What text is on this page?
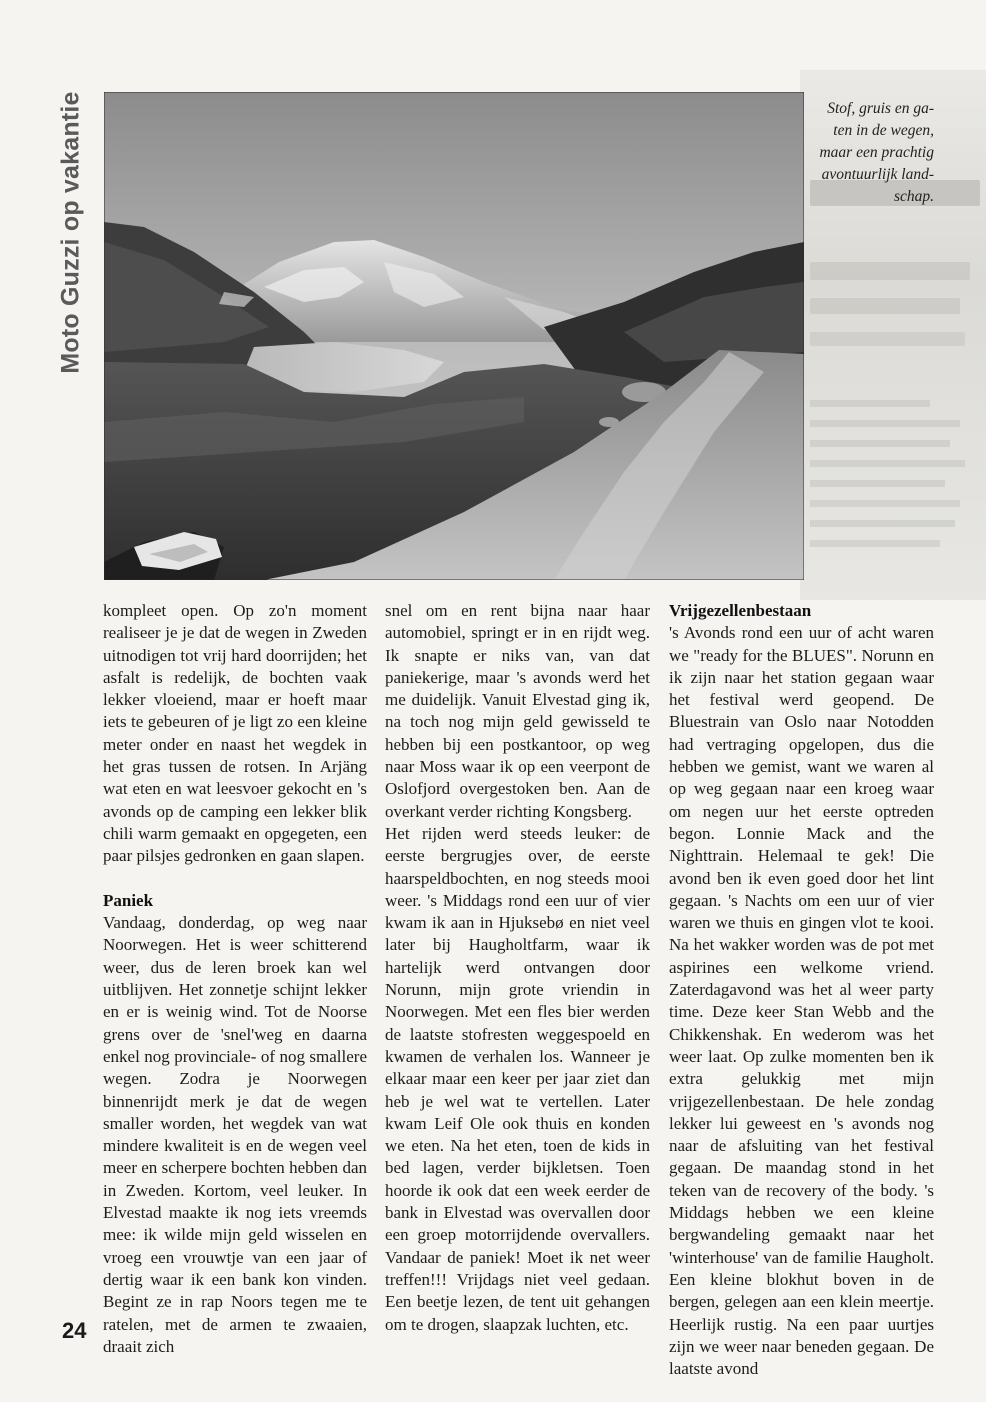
Moto Guzzi op vakantie	Stof, gruis en ga-
ten in de wegen,
maar een prachtig
avontuurlijk land-
schap.

kompleet open. Op zo'n moment realiseer je je dat de wegen in Zweden uitnodigen tot vrij hard doorrijden; het asfalt is redelijk, de bochten vaak lekker vloeiend, maar er hoeft maar iets te gebeuren of je ligt zo een kleine meter onder en naast het wegdek in het gras tussen de rotsen. In Arjäng wat eten en wat leesvoer gekocht en 's avonds op de camping een lekker blik chili warm gemaakt en opgegeten, een paar pilsjes gedronken en gaan slapen.

Paniek

Vandaag, donderdag, op weg naar Noorwegen. Het is weer schitterend weer, dus de leren broek kan wel uitblijven. Het zonnetje schijnt lekker en er is weinig wind. Tot de Noorse grens over de 'snel'weg en daarna enkel nog provinciale- of nog smallere wegen. Zodra je Noorwegen binnenrijdt merk je dat de wegen smaller worden, het wegdek van wat mindere kwaliteit is en de wegen veel meer en scherpere bochten hebben dan in Zweden. Kortom, veel leuker. In Elvestad maakte ik nog iets vreemds mee: ik wilde mijn geld wisselen en vroeg een vrouwtje van een jaar of dertig waar ik een bank kon vinden. Begint ze in rap Noors tegen me te ratelen, met de armen te zwaaien, draait zich

snel om en rent bijna naar haar automobiel, springt er in en rijdt weg. Ik snapte er niks van, van dat paniekerige, maar 's avonds werd het me duidelijk. Vanuit Elvestad ging ik, na toch nog mijn geld gewisseld te hebben bij een postkantoor, op weg naar Moss waar ik op een veerpont de Oslofjord overgestoken ben. Aan de overkant verder richting Kongsberg.

Het rijden werd steeds leuker: de eerste bergrugjes over, de eerste haarspeldbochten, en nog steeds mooi weer. 's Middags rond een uur of vier kwam ik aan in Hjuksebø en niet veel later bij Haugholtfarm, waar ik hartelijk werd ontvangen door Norunn, mijn grote vriendin in Noorwegen. Met een fles bier werden de laatste stofresten weggespoeld en kwamen de verhalen los. Wanneer je elkaar maar een keer per jaar ziet dan heb je wel wat te vertellen. Later kwam Leif Ole ook thuis en konden we eten. Na het eten, toen de kids in bed lagen, verder bijkletsen. Toen hoorde ik ook dat een week eerder de bank in Elvestad was overvallen door een groep motorrijdende overvallers. Vandaar de paniek! Moet ik net weer treffen!!! Vrijdags niet veel gedaan. Een beetje lezen, de tent uit gehangen om te drogen, slaapzak luchten, etc.

Vrijgezellenbestaan

's Avonds rond een uur of acht waren we "ready for the BLUES". Norunn en ik zijn naar het station gegaan waar het festival werd geopend. De Bluestrain van Oslo naar Notodden had vertraging opgelopen, dus die hebben we gemist, want we waren al op weg gegaan naar een kroeg waar om negen uur het eerste optreden begon. Lonnie Mack and the Nighttrain. Helemaal te gek! Die avond ben ik even goed door het lint gegaan. 's Nachts om een uur of vier waren we thuis en gingen vlot te kooi. Na het wakker worden was de pot met aspirines een welkome vriend. Zaterdagavond was het al weer party time. Deze keer Stan Webb and the Chikkenshak. En wederom was het weer laat. Op zulke momenten ben ik extra gelukkig met mijn vrijgezellenbestaan. De hele zondag lekker lui geweest en 's avonds nog naar de afsluiting van het festival gegaan. De maandag stond in het teken van de recovery of the body. 's Middags hebben we een kleine bergwandeling gemaakt naar het 'winterhouse' van de familie Haugholt. Een kleine blokhut boven in de bergen, gelegen aan een klein meertje. Heerlijk rustig. Na een paar uurtjes zijn we weer naar beneden gegaan. De laatste avond

24
